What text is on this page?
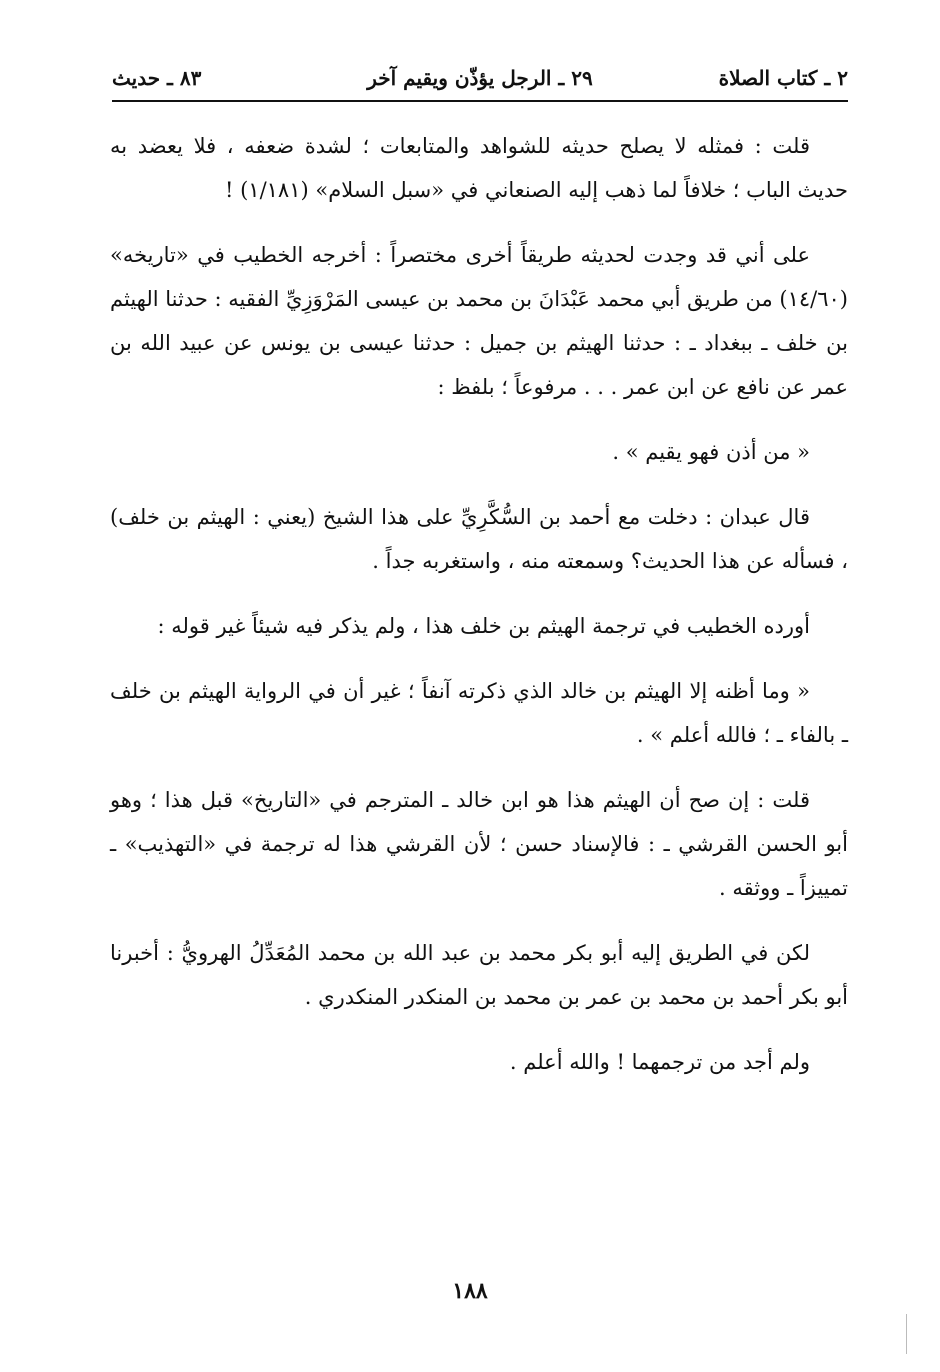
٢ ـ كتاب الصلاة
٢٩ ـ الرجل يؤذّن ويقيم آخر
٨٣ ـ حديث

قلت : فمثله لا يصلح حديثه للشواهد والمتابعات ؛ لشدة ضعفه ، فلا يعضد به حديث الباب ؛ خلافاً لما ذهب إليه الصنعاني في «سبل السلام» (١/١٨١) !

على أني قد وجدت لحديثه طريقاً أخرى مختصراً : أخرجه الخطيب في «تاريخه» (١٤/٦٠) من طريق أبي محمد عَبْدَانَ بن محمد بن عيسى المَرْوَزِيِّ الفقيه : حدثنا الهيثم بن خلف ـ ببغداد ـ : حدثنا الهيثم بن جميل : حدثنا عيسى بن يونس عن عبيد الله بن عمر عن نافع عن ابن عمر . . . مرفوعاً ؛ بلفظ :

« من أذن فهو يقيم » .

قال عبدان : دخلت مع أحمد بن السُّكَّرِيِّ على هذا الشيخ (يعني : الهيثم بن خلف) ، فسأله عن هذا الحديث؟ وسمعته منه ، واستغربه جداً .

أورده الخطيب في ترجمة الهيثم بن خلف هذا ، ولم يذكر فيه شيئاً غير قوله :

« وما أظنه إلا الهيثم بن خالد الذي ذكرته آنفاً ؛ غير أن في الرواية الهيثم بن خلف ـ بالفاء ـ ؛ فالله أعلم » .

قلت : إن صح أن الهيثم هذا هو ابن خالد ـ المترجم في «التاريخ» قبل هذا ؛ وهو أبو الحسن القرشي ـ : فالإسناد حسن ؛ لأن القرشي هذا له ترجمة في «التهذيب» ـ تمييزاً ـ ووثقه .

لكن في الطريق إليه أبو بكر محمد بن عبد الله بن محمد المُعَدِّلُ الهرويُّ : أخبرنا أبو بكر أحمد بن محمد بن عمر بن محمد بن المنكدر المنكدري .

ولم أجد من ترجمهما ! والله أعلم .

١٨٨
